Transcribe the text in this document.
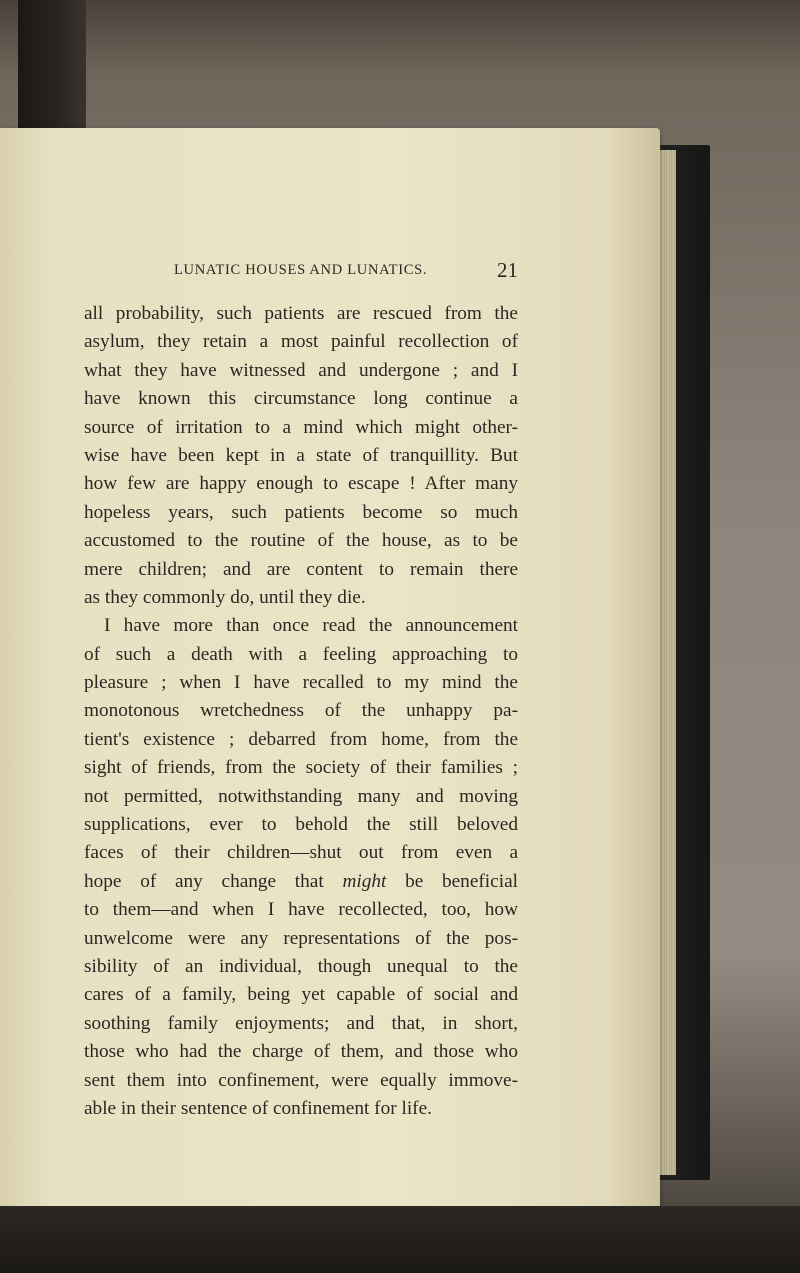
LUNATIC HOUSES AND LUNATICS.	21
all probability, such patients are rescued from the
asylum, they retain a most painful recollection of
what they have witnessed and undergone ; and I
have known this circumstance long continue a
source of irritation to a mind which might other-
wise have been kept in a state of tranquillity. But
how few are happy enough to escape ! After many
hopeless years, such patients become so much
accustomed to the routine of the house, as to be
mere children; and are content to remain there
as they commonly do, until they die.
I have more than once read the announcement
of such a death with a feeling approaching to
pleasure ; when I have recalled to my mind the
monotonous wretchedness of the unhappy pa-
tient's existence ; debarred from home, from the
sight of friends, from the society of their families ;
not permitted, notwithstanding many and moving
supplications, ever to behold the still beloved
faces of their children—shut out from even a
hope of any change that might be beneficial
to them—and when I have recollected, too, how
unwelcome were any representations of the pos-
sibility of an individual, though unequal to the
cares of a family, being yet capable of social and
soothing family enjoyments; and that, in short,
those who had the charge of them, and those who
sent them into confinement, were equally immove-
able in their sentence of confinement for life.
